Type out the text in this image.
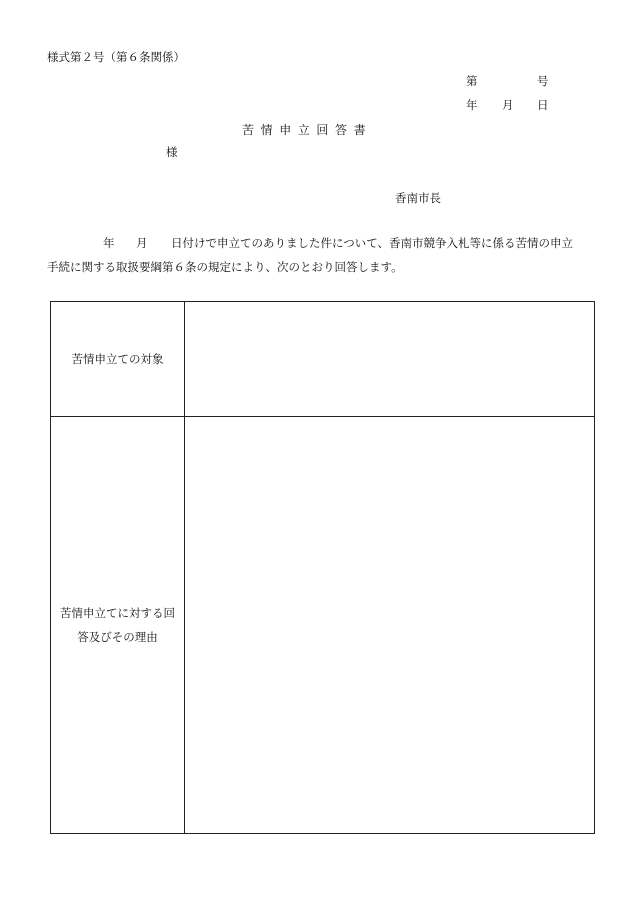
様式第２号（第６条関係）
第	号
年 月 日
苦情申立回答書
様
香南市長
年 月 日付けで申立てのありました件について、香南市競争入札等に係る苦情の申立
手続に関する取扱要綱第６条の規定により、次のとおり回答します。
苦情申立ての対象	

苦情申立てに対する回
答及びその理由	
